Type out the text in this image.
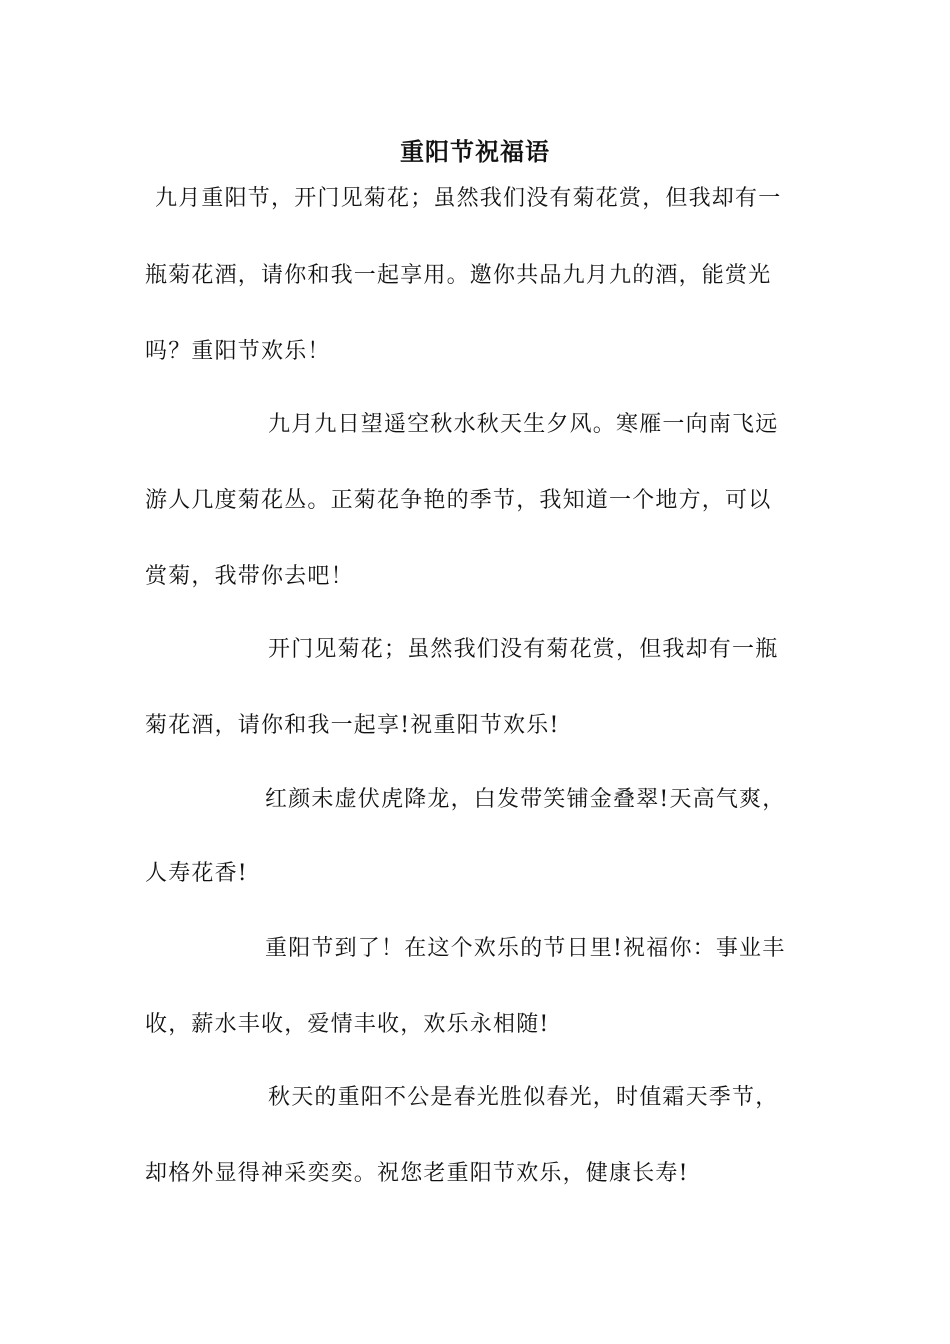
重阳节祝福语
九月重阳节，开门见菊花；虽然我们没有菊花赏，但我却有一
瓶菊花酒，请你和我一起享用。邀你共品九月九的酒，能赏光
吗？重阳节欢乐！
九月九日望遥空秋水秋天生夕风。寒雁一向南飞远
游人几度菊花丛。正菊花争艳的季节，我知道一个地方，可以
赏菊，我带你去吧！
开门见菊花；虽然我们没有菊花赏，但我却有一瓶
菊花酒，请你和我一起享!祝重阳节欢乐!
红颜未虚伏虎降龙，白发带笑铺金叠翠!天高气爽，
人寿花香!
重阳节到了！在这个欢乐的节日里!祝福你：事业丰
收，薪水丰收，爱情丰收，欢乐永相随!
秋天的重阳不公是春光胜似春光，时值霜天季节，
却格外显得神采奕奕。祝您老重阳节欢乐，健康长寿!
